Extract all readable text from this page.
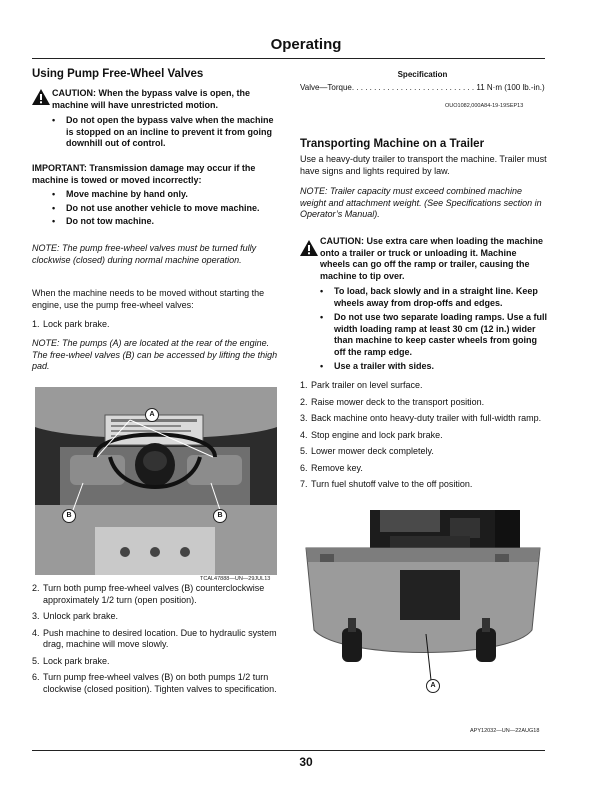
Operating
Using Pump Free-Wheel Valves
CAUTION: When the bypass valve is open, the machine will have unrestricted motion.
•	Do not open the bypass valve when the machine is stopped on an incline to prevent it from going downhill out of control.
IMPORTANT: Transmission damage may occur if the machine is towed or moved incorrectly:
•	Move machine by hand only.
•	Do not use another vehicle to move machine.
•	Do not tow machine.
NOTE: The pump free-wheel valves must be turned fully clockwise (closed) during normal machine operation.
When the machine needs to be moved without starting the engine, use the pump free-wheel valves:
1. Lock park brake.
NOTE: The pumps (A) are located at the rear of the engine. The free-wheel valves (B) can be accessed by lifting the thigh pad.
A
B	B
TCAL47888—UN—29JUL13
2. Turn both pump free-wheel valves (B) counterclockwise approximately 1/2 turn (open position).
3. Unlock park brake.
4. Push machine to desired location. Due to hydraulic system drag, machine will move slowly.
5. Lock park brake.
6. Turn pump free-wheel valves (B) on both pumps 1/2 turn clockwise (closed position). Tighten valves to specification.
Specification
Valve—Torque. . . . . . . . . . . . . . . . . . . . . . . . . . . . 11 N·m (100 lb.-in.)
OUO1082,000A84-19-19SEP13
Transporting Machine on a Trailer
Use a heavy-duty trailer to transport the machine. Trailer must have signs and lights required by law.
NOTE: Trailer capacity must exceed combined machine weight and attachment weight. (See Specifications section in Operator’s Manual).
CAUTION: Use extra care when loading the machine onto a trailer or truck or unloading it. Machine wheels can go off the ramp or trailer, causing the machine to tip over.
•	To load, back slowly and in a straight line. Keep wheels away from drop-offs and edges.
•	Do not use two separate loading ramps. Use a full width loading ramp at least 30 cm (12 in.) wider than machine to keep caster wheels from going off the ramp edge.
•	Use a trailer with sides.
1. Park trailer on level surface.
2. Raise mower deck to the transport position.
3. Back machine onto heavy-duty trailer with full-width ramp.
4. Stop engine and lock park brake.
5. Lower mower deck completely.
6. Remove key.
7. Turn fuel shutoff valve to the off position.
A
APY12032—UN—22AUG18
30
